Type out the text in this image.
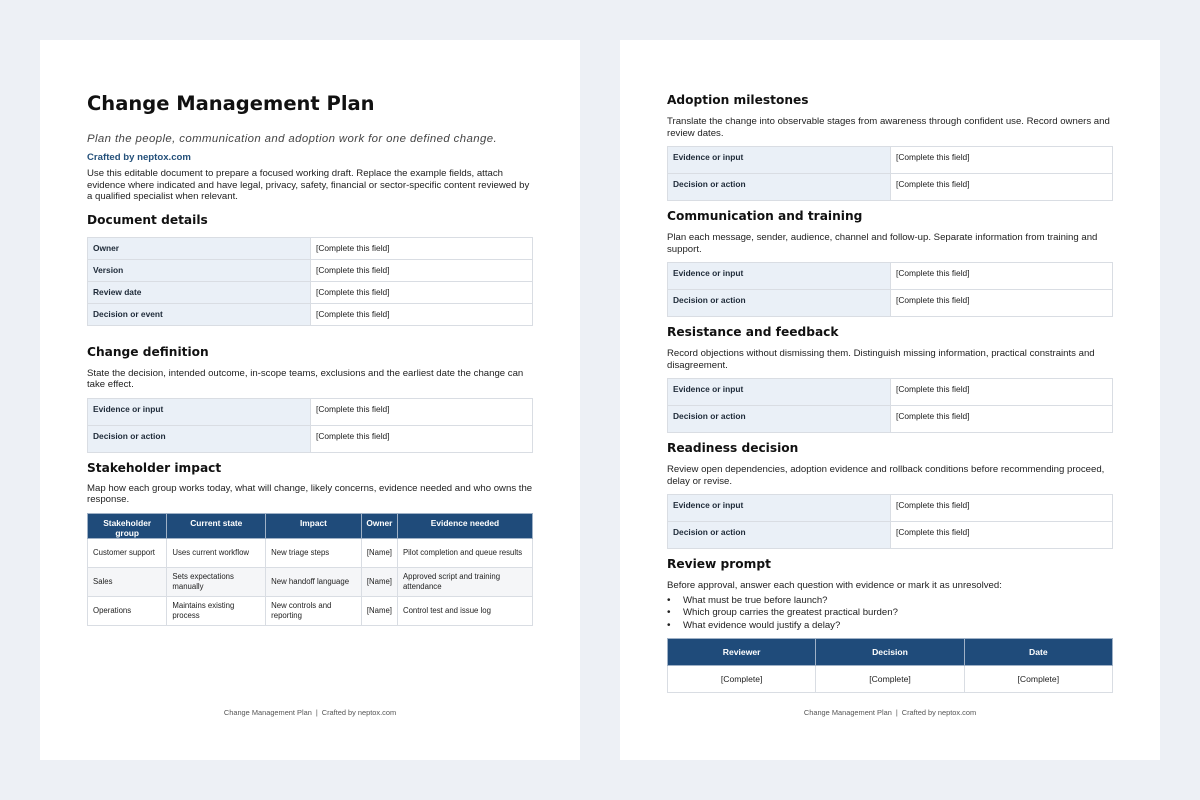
Change Management Plan
Plan the people, communication and adoption work for one defined change.
Crafted by neptox.com
Use this editable document to prepare a focused working draft. Replace the example fields, attach evidence where indicated and have legal, privacy, safety, financial or sector-specific content reviewed by a qualified specialist when relevant.
Document details
Owner	[Complete this field]
Version	[Complete this field]
Review date	[Complete this field]
Decision or event	[Complete this field]
Change definition
State the decision, intended outcome, in-scope teams, exclusions and the earliest date the change can take effect.
Evidence or input	[Complete this field]
Decision or action	[Complete this field]
Stakeholder impact
Map how each group works today, what will change, likely concerns, evidence needed and who owns the response.
Stakeholder group	Current state	Impact	Owner	Evidence needed
Customer support	Uses current workflow	New triage steps	[Name]	Pilot completion and queue results
Sales	Sets expectations manually	New handoff language	[Name]	Approved script and training attendance
Operations	Maintains existing process	New controls and reporting	[Name]	Control test and issue log
Change Management Plan | Crafted by neptox.com
Adoption milestones
Translate the change into observable stages from awareness through confident use. Record owners and review dates.
Evidence or input	[Complete this field]
Decision or action	[Complete this field]
Communication and training
Plan each message, sender, audience, channel and follow-up. Separate information from training and support.
Evidence or input	[Complete this field]
Decision or action	[Complete this field]
Resistance and feedback
Record objections without dismissing them. Distinguish missing information, practical constraints and disagreement.
Evidence or input	[Complete this field]
Decision or action	[Complete this field]
Readiness decision
Review open dependencies, adoption evidence and rollback conditions before recommending proceed, delay or revise.
Evidence or input	[Complete this field]
Decision or action	[Complete this field]
Review prompt
Before approval, answer each question with evidence or mark it as unresolved:
• What must be true before launch?
• Which group carries the greatest practical burden?
• What evidence would justify a delay?
Reviewer	Decision	Date
[Complete]	[Complete]	[Complete]
Change Management Plan | Crafted by neptox.com
